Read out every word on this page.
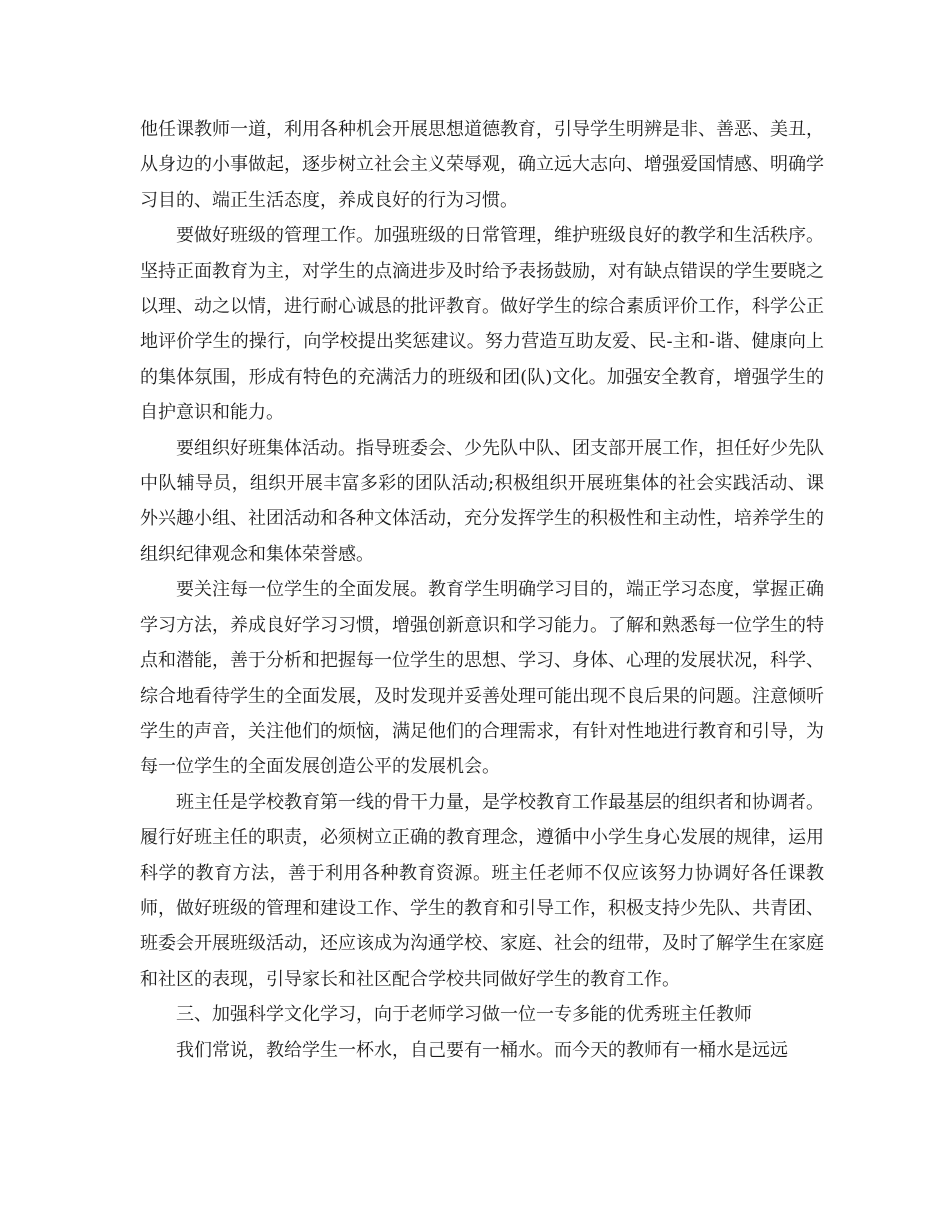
他任课教师一道，利用各种机会开展思想道德教育，引导学生明辨是非、善恶、美丑，从身边的小事做起，逐步树立社会主义荣辱观，确立远大志向、增强爱国情感、明确学习目的、端正生活态度，养成良好的行为习惯。

要做好班级的管理工作。加强班级的日常管理，维护班级良好的教学和生活秩序。坚持正面教育为主，对学生的点滴进步及时给予表扬鼓励，对有缺点错误的学生要晓之以理、动之以情，进行耐心诚恳的批评教育。做好学生的综合素质评价工作，科学公正地评价学生的操行，向学校提出奖惩建议。努力营造互助友爱、民-主和-谐、健康向上的集体氛围，形成有特色的充满活力的班级和团(队)文化。加强安全教育，增强学生的自护意识和能力。

要组织好班集体活动。指导班委会、少先队中队、团支部开展工作，担任好少先队中队辅导员，组织开展丰富多彩的团队活动;积极组织开展班集体的社会实践活动、课外兴趣小组、社团活动和各种文体活动，充分发挥学生的积极性和主动性，培养学生的组织纪律观念和集体荣誉感。

要关注每一位学生的全面发展。教育学生明确学习目的，端正学习态度，掌握正确学习方法，养成良好学习习惯，增强创新意识和学习能力。了解和熟悉每一位学生的特点和潜能，善于分析和把握每一位学生的思想、学习、身体、心理的发展状况，科学、综合地看待学生的全面发展，及时发现并妥善处理可能出现不良后果的问题。注意倾听学生的声音，关注他们的烦恼，满足他们的合理需求，有针对性地进行教育和引导，为每一位学生的全面发展创造公平的发展机会。

班主任是学校教育第一线的骨干力量，是学校教育工作最基层的组织者和协调者。履行好班主任的职责，必须树立正确的教育理念，遵循中小学生身心发展的规律，运用科学的教育方法，善于利用各种教育资源。班主任老师不仅应该努力协调好各任课教师，做好班级的管理和建设工作、学生的教育和引导工作，积极支持少先队、共青团、班委会开展班级活动，还应该成为沟通学校、家庭、社会的纽带，及时了解学生在家庭和社区的表现，引导家长和社区配合学校共同做好学生的教育工作。

三、加强科学文化学习，向于老师学习做一位一专多能的优秀班主任教师

我们常说，教给学生一杯水，自己要有一桶水。而今天的教师有一桶水是远远
